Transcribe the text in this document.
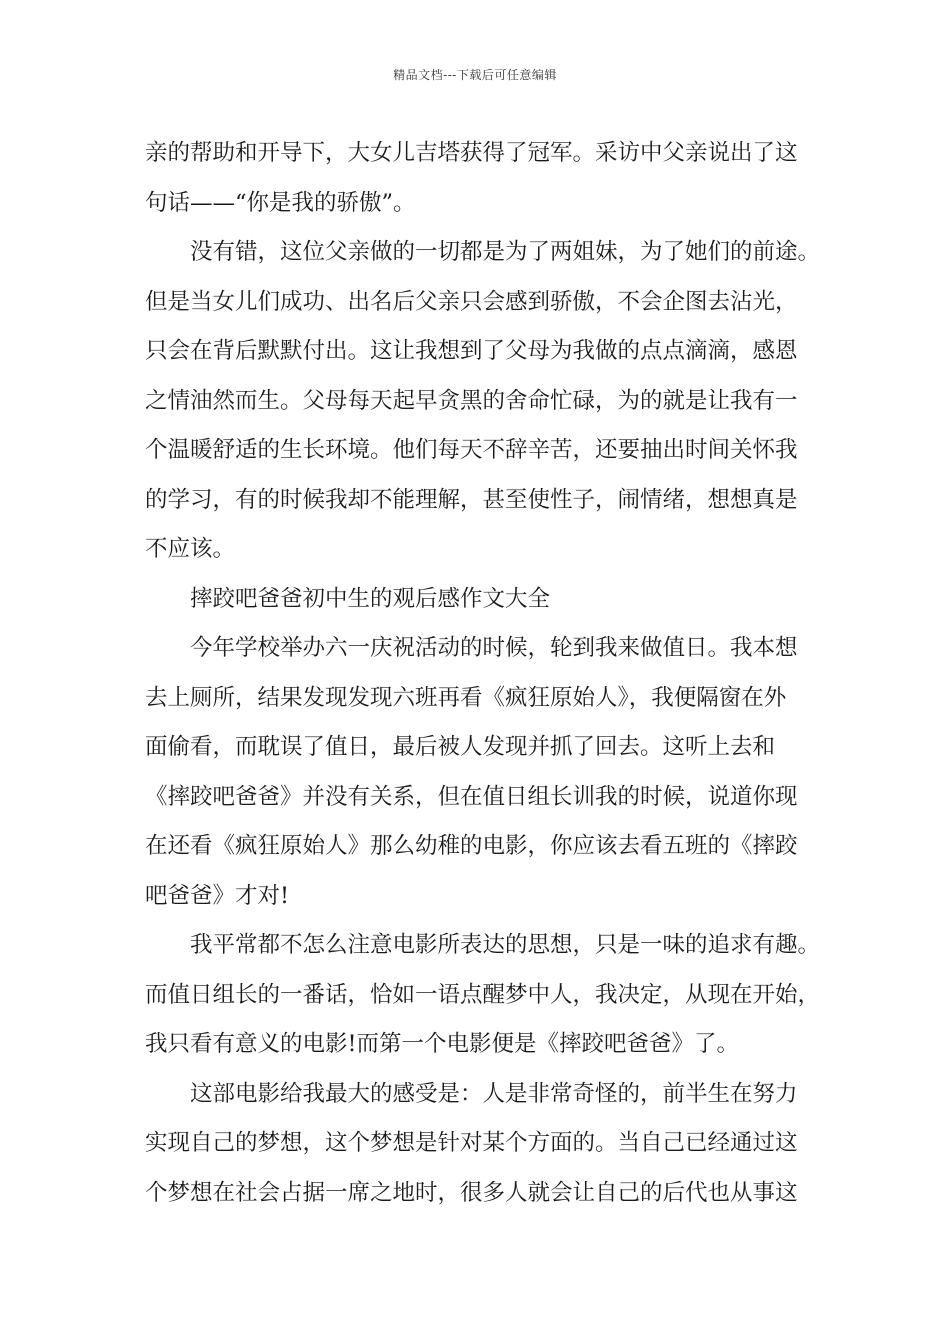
精品文档---下载后可任意编辑
亲的帮助和开导下，大女儿吉塔获得了冠军。采访中父亲说出了这
句话——“你是我的骄傲”。
没有错，这位父亲做的一切都是为了两姐妹，为了她们的前途。
但是当女儿们成功、出名后父亲只会感到骄傲，不会企图去沾光，
只会在背后默默付出。这让我想到了父母为我做的点点滴滴，感恩
之情油然而生。父母每天起早贪黑的舍命忙碌，为的就是让我有一
个温暖舒适的生长环境。他们每天不辞辛苦，还要抽出时间关怀我
的学习，有的时候我却不能理解，甚至使性子，闹情绪，想想真是
不应该。
摔跤吧爸爸初中生的观后感作文大全
今年学校举办六一庆祝活动的时候，轮到我来做值日。我本想
去上厕所，结果发现发现六班再看《疯狂原始人》，我便隔窗在外
面偷看，而耽误了值日，最后被人发现并抓了回去。这听上去和
《摔跤吧爸爸》并没有关系，但在值日组长训我的时候，说道你现
在还看《疯狂原始人》那么幼稚的电影，你应该去看五班的《摔跤
吧爸爸》才对!
我平常都不怎么注意电影所表达的思想，只是一味的追求有趣。
而值日组长的一番话，恰如一语点醒梦中人，我决定，从现在开始，
我只看有意义的电影!而第一个电影便是《摔跤吧爸爸》了。
这部电影给我最大的感受是：人是非常奇怪的，前半生在努力
实现自己的梦想，这个梦想是针对某个方面的。当自己已经通过这
个梦想在社会占据一席之地时，很多人就会让自己的后代也从事这
